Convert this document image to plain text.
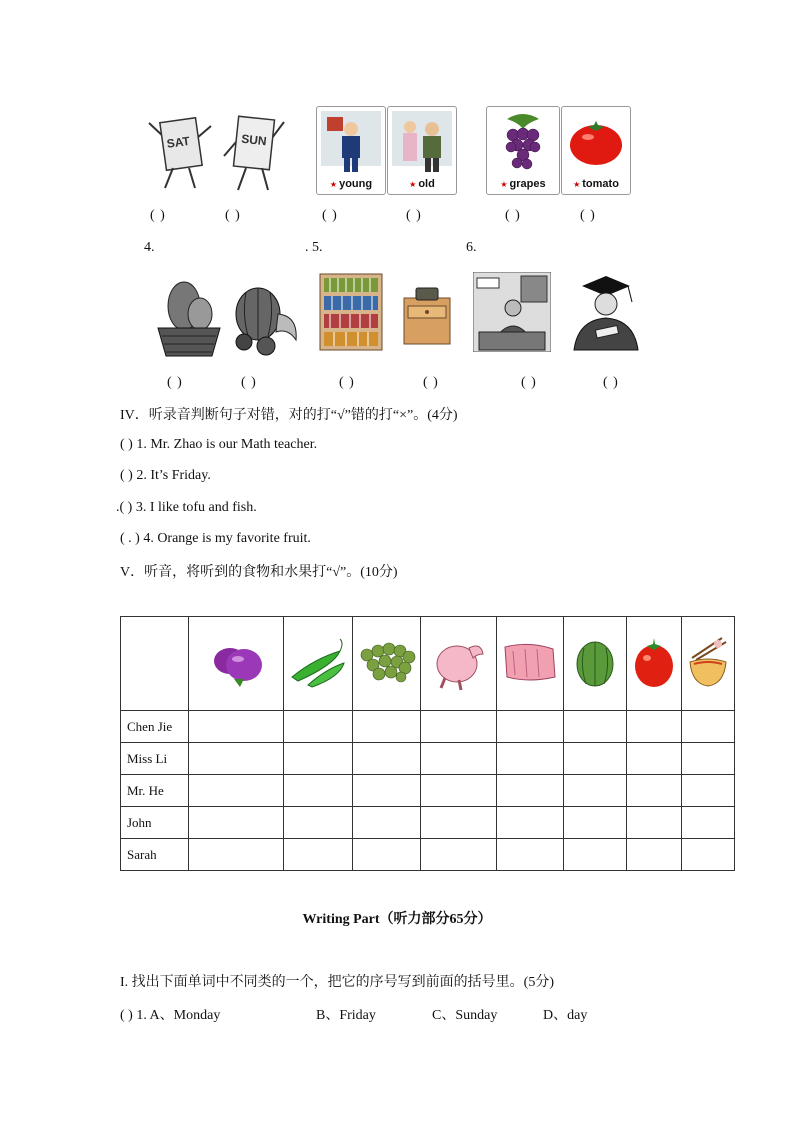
SAT	SUN
★ young	★ old	★ grapes	★ tomato
( )	( )	( )	( )	( )	( )
4.	. 5.	6.
( )	( )	( )	( )	( )	( )
IV．听录音判断句子对错，对的打“√”错的打“×”。(4分)
( ) 1. Mr. Zhao is our Math teacher.
( ) 2. It’s Friday.
.( ) 3. I like tofu and fish.
( . ) 4. Orange is my favorite fruit.
V．听音，将听到的食物和水果打“√”。(10分)

Chen Jie								
Miss Li								
Mr. He								
John								
Sarah								
Writing Part（听力部分65分）
I. 找出下面单词中不同类的一个，把它的序号写到前面的括号里。(5分)
( ) 1. A、Monday	B、Friday	C、Sunday	D、day
